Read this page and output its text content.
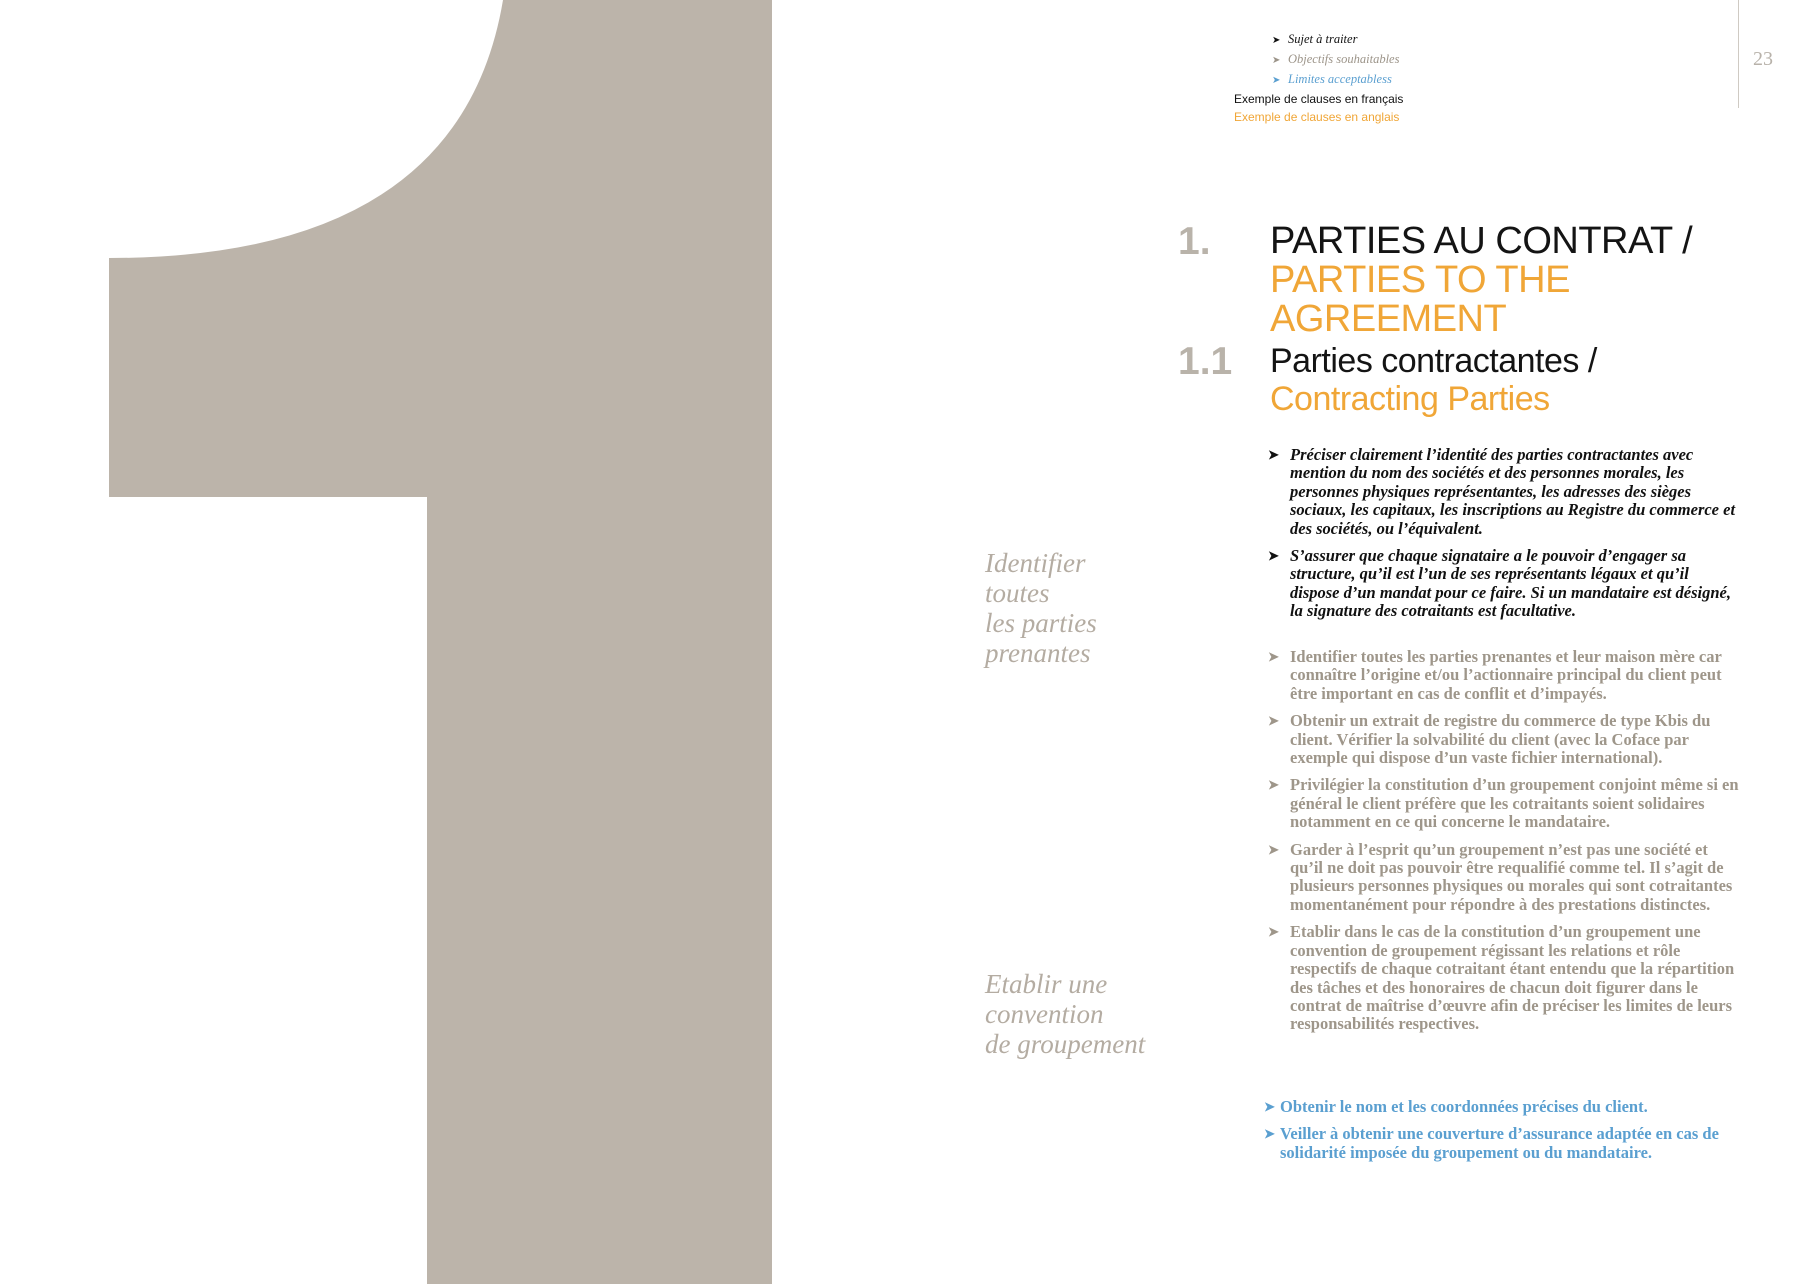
➤ Sujet à traiter
➤ Objectifs souhaitables
➤ Limites acceptabless
Exemple de clauses en français
Exemple de clauses en anglais
23
1.	PARTIES AU CONTRAT /
PARTIES TO THE
AGREEMENT
1.1	Parties contractantes /
Contracting Parties
Identifier
toutes
les parties
prenantes
Etablir une
convention
de groupement
➤ Préciser clairement l’identité des parties contractantes avec mention du nom des sociétés et des personnes morales, les personnes physiques représentantes, les adresses des sièges sociaux, les capitaux, les inscriptions au Registre du commerce et des sociétés, ou l’équivalent.
➤ S’assurer que chaque signataire a le pouvoir d’engager sa structure, qu’il est l’un de ses représentants légaux et qu’il dispose d’un mandat pour ce faire. Si un mandataire est désigné, la signature des cotraitants est facultative.
➤ Identifier toutes les parties prenantes et leur maison mère car connaître l’origine et/ou l’actionnaire principal du client peut être important en cas de conflit et d’impayés.
➤ Obtenir un extrait de registre du commerce de type Kbis du client. Vérifier la solvabilité du client (avec la Coface par exemple qui dispose d’un vaste fichier international).
➤ Privilégier la constitution d’un groupement conjoint même si en général le client préfère que les cotraitants soient solidaires notamment en ce qui concerne le mandataire.
➤ Garder à l’esprit qu’un groupement n’est pas une société et qu’il ne doit pas pouvoir être requalifié comme tel. Il s’agit de plusieurs personnes physiques ou morales qui sont cotraitantes momentanément pour répondre à des prestations distinctes.
➤ Etablir dans le cas de la constitution d’un groupement une convention de groupement régissant les relations et rôle respectifs de chaque cotraitant étant entendu que la répartition des tâches et des honoraires de chacun doit figurer dans le contrat de maîtrise d’œuvre afin de préciser les limites de leurs responsabilités respectives.
➤ Obtenir le nom et les coordonnées précises du client.
➤ Veiller à obtenir une couverture d’assurance adaptée en cas de solidarité imposée du groupement ou du mandataire.
